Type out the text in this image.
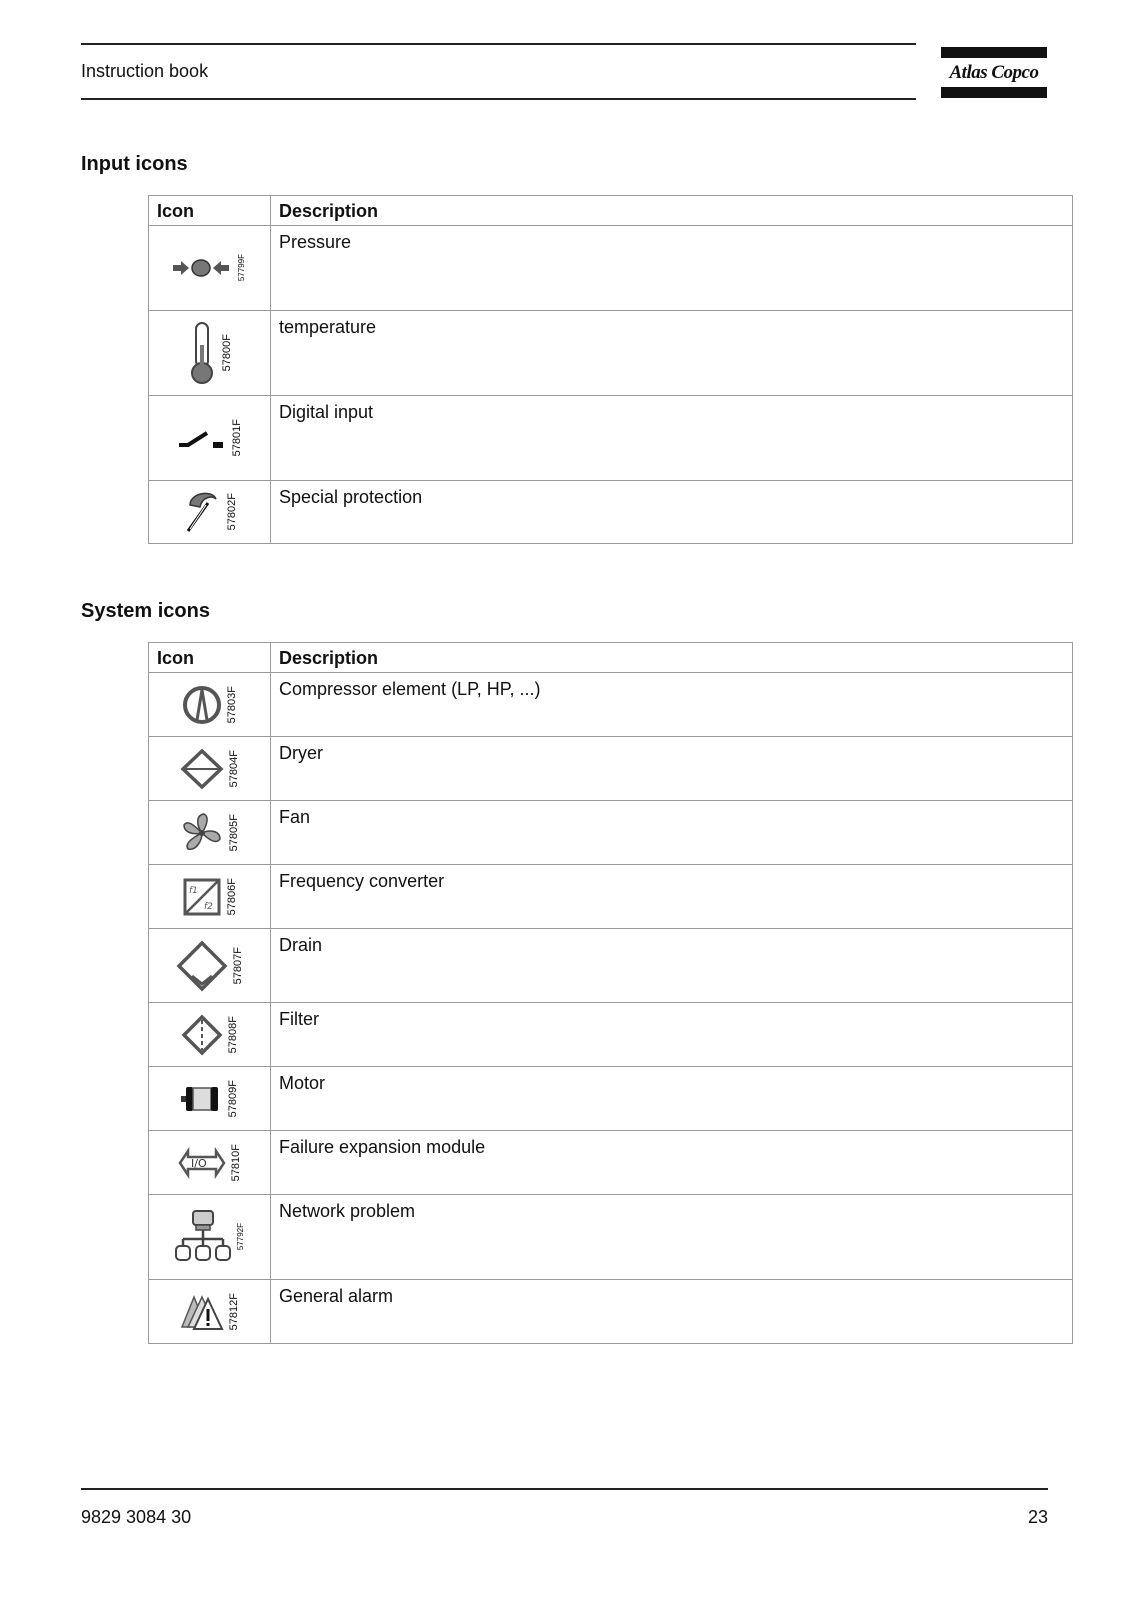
Instruction book	Atlas Copco
Input icons
Icon	Description

57799F	Pressure

57800F	temperature

57801F	Digital input

57802F	Special protection
System icons
Icon	Description

57803F	Compressor element (LP, HP, ...)

57804F	Dryer

57805F	Fan

f1
f2 57806F	Frequency converter

57807F	Drain

57808F	Filter

57809F	Motor

I/O 57810F	Failure expansion module

57792F	Network problem

57812F	General alarm
9829 3084 30	23
